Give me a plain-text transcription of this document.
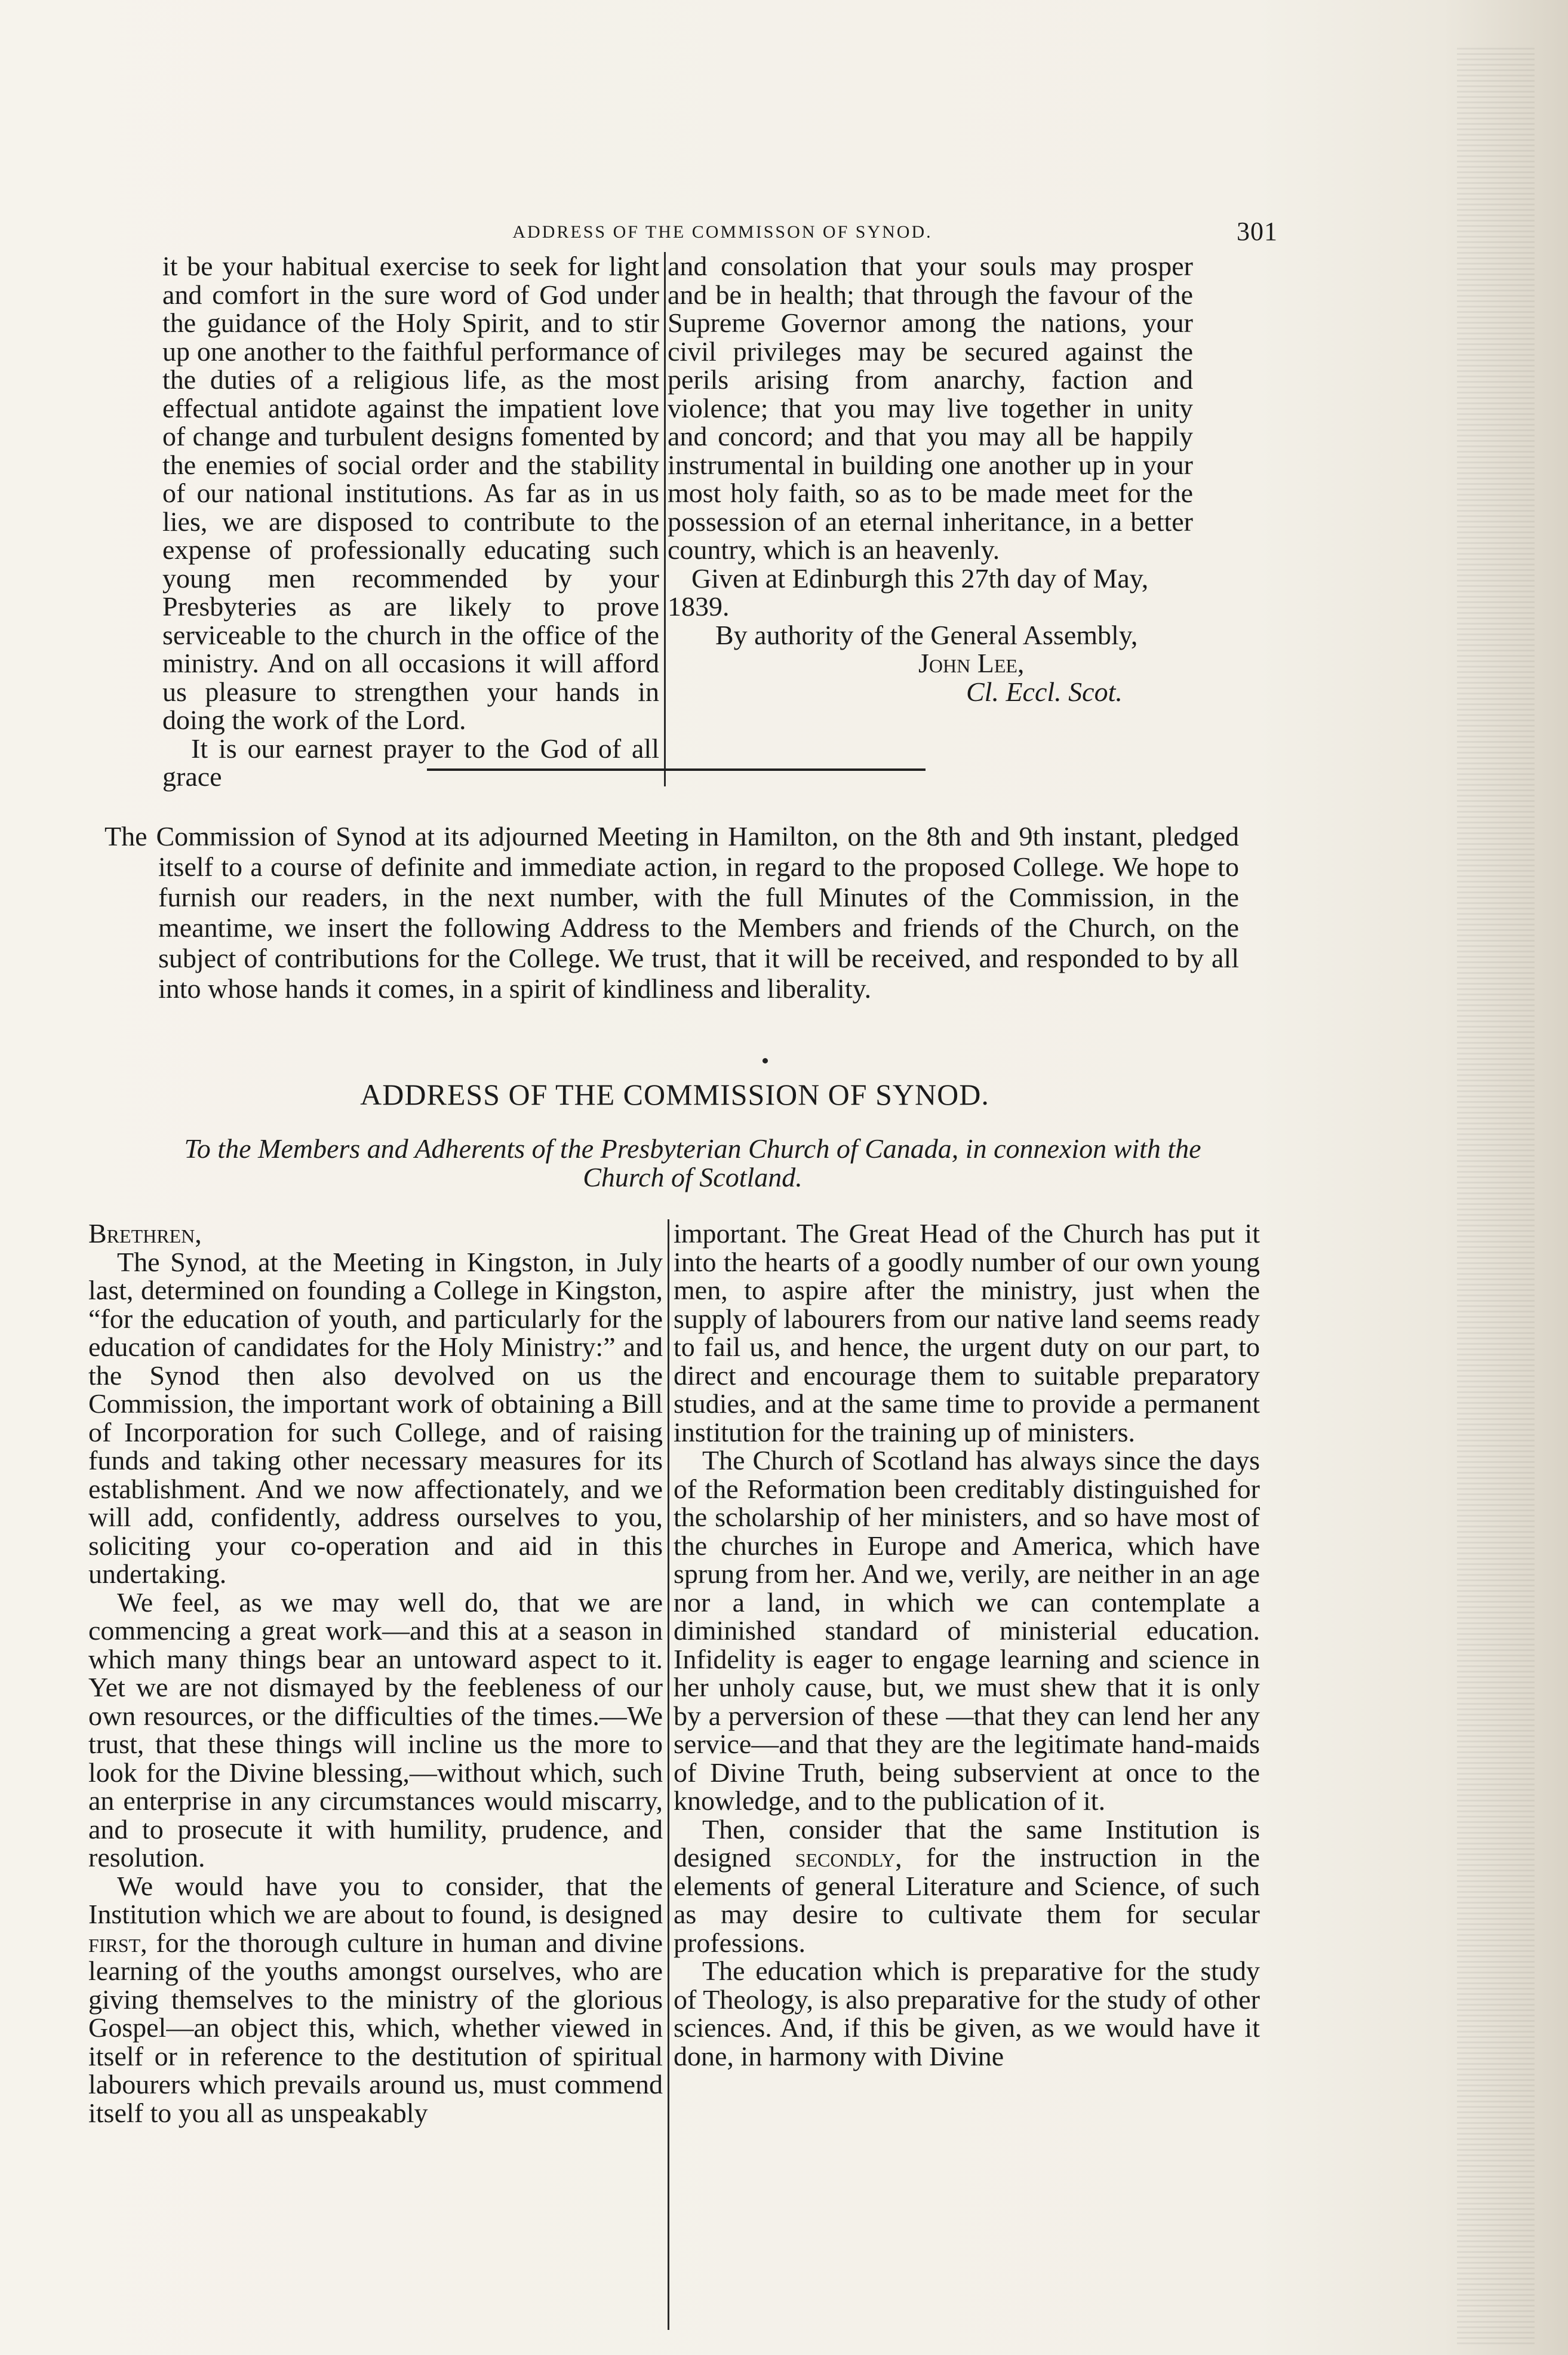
ADDRESS OF THE COMMISSON OF SYNOD.	301

it be your habitual exercise to seek for light and comfort in the sure word of God under the guidance of the Holy Spirit, and to stir up one another to the faithful performance of the duties of a religious life, as the most effectual antidote against the impatient love of change and turbulent designs fomented by the enemies of social order and the stability of our national institutions. As far as in us lies, we are disposed to contribute to the expense of professionally educating such young men recommended by your Presbyteries as are likely to prove serviceable to the church in the office of the ministry. And on all occasions it will afford us pleasure to strengthen your hands in doing the work of the Lord.

It is our earnest prayer to the God of all grace

and consolation that your souls may prosper and be in health; that through the favour of the Supreme Governor among the nations, your civil privileges may be secured against the perils arising from anarchy, faction and violence; that you may live together in unity and concord; and that you may all be happily instrumental in building one another up in your most holy faith, so as to be made meet for the possession of an eternal inheritance, in a better country, which is an heavenly.

Given at Edinburgh this 27th day of May, 1839.

By authority of the General Assembly,

John Lee,

Cl. Eccl. Scot.

The Commission of Synod at its adjourned Meeting in Hamilton, on the 8th and 9th instant, pledged itself to a course of definite and immediate action, in regard to the proposed College. We hope to furnish our readers, in the next number, with the full Minutes of the Commission, in the meantime, we insert the following Address to the Members and friends of the Church, on the subject of contributions for the College. We trust, that it will be received, and responded to by all into whose hands it comes, in a spirit of kindliness and liberality.

ADDRESS OF THE COMMISSION OF SYNOD.
To the Members and Adherents of the Presbyterian Church of Canada, in connexion with the Church of Scotland.

Brethren,

The Synod, at the Meeting in Kingston, in July last, determined on founding a College in Kingston, “for the education of youth, and particularly for the education of candidates for the Holy Ministry:” and the Synod then also devolved on us the Commission, the important work of obtaining a Bill of Incorporation for such College, and of raising funds and taking other necessary measures for its establishment. And we now affectionately, and we will add, confidently, address ourselves to you, soliciting your co-operation and aid in this undertaking.

We feel, as we may well do, that we are commencing a great work—and this at a season in which many things bear an untoward aspect to it. Yet we are not dismayed by the feebleness of our own resources, or the difficulties of the times.—We trust, that these things will incline us the more to look for the Divine blessing,—without which, such an enterprise in any circumstances would miscarry, and to prosecute it with humility, prudence, and resolution.

We would have you to consider, that the Institution which we are about to found, is designed first, for the thorough culture in human and divine learning of the youths amongst ourselves, who are giving themselves to the ministry of the glorious Gospel—an object this, which, whether viewed in itself or in reference to the destitution of spiritual labourers which prevails around us, must commend itself to you all as unspeakably

important. The Great Head of the Church has put it into the hearts of a goodly number of our own young men, to aspire after the ministry, just when the supply of labourers from our native land seems ready to fail us, and hence, the urgent duty on our part, to direct and encourage them to suitable preparatory studies, and at the same time to provide a permanent institution for the training up of ministers.

The Church of Scotland has always since the days of the Reformation been creditably distinguished for the scholarship of her ministers, and so have most of the churches in Europe and America, which have sprung from her. And we, verily, are neither in an age nor a land, in which we can contemplate a diminished standard of ministerial education. Infidelity is eager to engage learning and science in her unholy cause, but, we must shew that it is only by a perversion of these —that they can lend her any service—and that they are the legitimate hand-maids of Divine Truth, being subservient at once to the knowledge, and to the publication of it.

Then, consider that the same Institution is designed secondly, for the instruction in the elements of general Literature and Science, of such as may desire to cultivate them for secular professions.

The education which is preparative for the study of Theology, is also preparative for the study of other sciences. And, if this be given, as we would have it done, in harmony with Divine
